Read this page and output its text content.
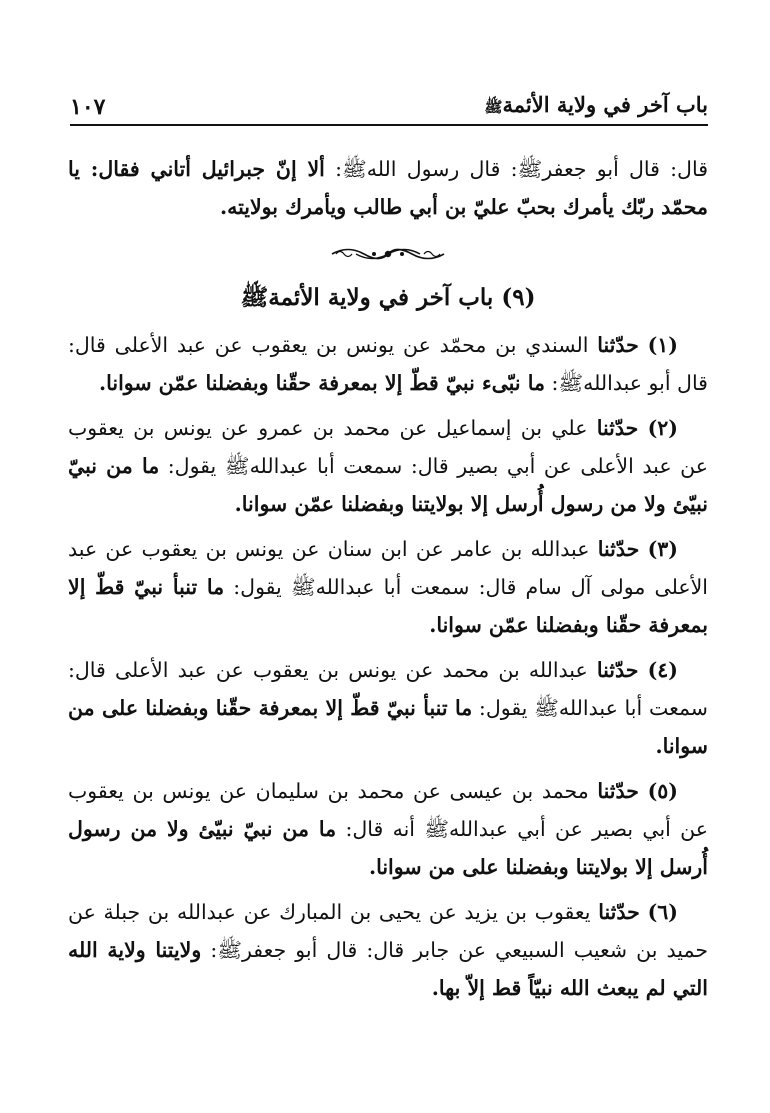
باب آخر في ولاية الأئمةﷺ
١٠٧

قال: قال أبو جعفرﷺ: قال رسول اللهﷺ: ألا إنّ جبرائيل أتاني فقال: يا محمّد ربّك يأمرك بحبّ عليّ بن أبي طالب ويأمرك بولايته.

(٩) باب آخر في ولاية الأئمةﷺ

(١) حدّثنا السندي بن محمّد عن يونس بن يعقوب عن عبد الأعلى قال: قال أبو عبداللهﷺ: ما نبّىء نبيّ قطّ إلا بمعرفة حقّنا وبفضلنا عمّن سوانا.

(٢) حدّثنا علي بن إسماعيل عن محمد بن عمرو عن يونس بن يعقوب عن عبد الأعلى عن أبي بصير قال: سمعت أبا عبداللهﷺ يقول: ما من نبيّ نبيّئ ولا من رسول أُرسل إلا بولايتنا وبفضلنا عمّن سوانا.

(٣) حدّثنا عبدالله بن عامر عن ابن سنان عن يونس بن يعقوب عن عبد الأعلى مولى آل سام قال: سمعت أبا عبداللهﷺ يقول: ما تنبأ نبيّ قطّ إلا بمعرفة حقّنا وبفضلنا عمّن سوانا.

(٤) حدّثنا عبدالله بن محمد عن يونس بن يعقوب عن عبد الأعلى قال: سمعت أبا عبداللهﷺ يقول: ما تنبأ نبيّ قطّ إلا بمعرفة حقّنا وبفضلنا على من سوانا.

(٥) حدّثنا محمد بن عيسى عن محمد بن سليمان عن يونس بن يعقوب عن أبي بصير عن أبي عبداللهﷺ أنه قال: ما من نبيّ نبيّئ ولا من رسول أُرسل إلا بولايتنا وبفضلنا على من سوانا.

(٦) حدّثنا يعقوب بن يزيد عن يحيى بن المبارك عن عبدالله بن جبلة عن حميد بن شعيب السبيعي عن جابر قال: قال أبو جعفرﷺ: ولايتنا ولاية الله التي لم يبعث الله نبيّاً قط إلاّ بها.
